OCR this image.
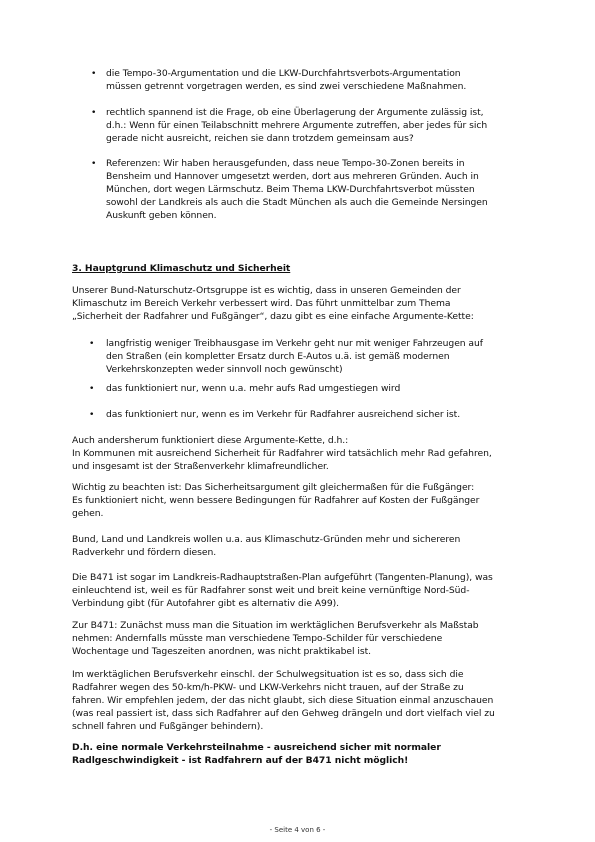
•	die Tempo-30-Argumentation und die LKW-Durchfahrtsverbots-Argumentation
müssen getrennt vorgetragen werden, es sind zwei verschiedene Maßnahmen.
•	rechtlich spannend ist die Frage, ob eine Überlagerung der Argumente zulässig ist,
d.h.: Wenn für einen Teilabschnitt mehrere Argumente zutreffen, aber jedes für sich
gerade nicht ausreicht, reichen sie dann trotzdem gemeinsam aus?
•	Referenzen: Wir haben herausgefunden, dass neue Tempo-30-Zonen bereits in
Bensheim und Hannover umgesetzt werden, dort aus mehreren Gründen. Auch in
München, dort wegen Lärmschutz. Beim Thema LKW-Durchfahrtsverbot müssten
sowohl der Landkreis als auch die Stadt München als auch die Gemeinde Nersingen
Auskunft geben können.
3. Hauptgrund Klimaschutz und Sicherheit
Unserer Bund-Naturschutz-Ortsgruppe ist es wichtig, dass in unseren Gemeinden der
Klimaschutz im Bereich Verkehr verbessert wird. Das führt unmittelbar zum Thema
„Sicherheit der Radfahrer und Fußgänger“, dazu gibt es eine einfache Argumente-Kette:
•	langfristig weniger Treibhausgase im Verkehr geht nur mit weniger Fahrzeugen auf
den Straßen (ein kompletter Ersatz durch E-Autos u.ä. ist gemäß modernen
Verkehrskonzepten weder sinnvoll noch gewünscht)
•	das funktioniert nur, wenn u.a. mehr aufs Rad umgestiegen wird
•	das funktioniert nur, wenn es im Verkehr für Radfahrer ausreichend sicher ist.
Auch andersherum funktioniert diese Argumente-Kette, d.h.:
In Kommunen mit ausreichend Sicherheit für Radfahrer wird tatsächlich mehr Rad gefahren,
und insgesamt ist der Straßenverkehr klimafreundlicher.
Wichtig zu beachten ist: Das Sicherheitsargument gilt gleichermaßen für die Fußgänger:
Es funktioniert nicht, wenn bessere Bedingungen für Radfahrer auf Kosten der Fußgänger
gehen.
Bund, Land und Landkreis wollen u.a. aus Klimaschutz-Gründen mehr und sichereren
Radverkehr und fördern diesen.
Die B471 ist sogar im Landkreis-Radhauptstraßen-Plan aufgeführt (Tangenten-Planung), was
einleuchtend ist, weil es für Radfahrer sonst weit und breit keine vernünftige Nord-Süd-
Verbindung gibt (für Autofahrer gibt es alternativ die A99).
Zur B471: Zunächst muss man die Situation im werktäglichen Berufsverkehr als Maßstab
nehmen: Andernfalls müsste man verschiedene Tempo-Schilder für verschiedene
Wochentage und Tageszeiten anordnen, was nicht praktikabel ist.
Im werktäglichen Berufsverkehr einschl. der Schulwegsituation ist es so, dass sich die
Radfahrer wegen des 50-km/h-PKW- und LKW-Verkehrs nicht trauen, auf der Straße zu
fahren. Wir empfehlen jedem, der das nicht glaubt, sich diese Situation einmal anzuschauen
(was real passiert ist, dass sich Radfahrer auf den Gehweg drängeln und dort vielfach viel zu
schnell fahren und Fußgänger behindern).
D.h. eine normale Verkehrsteilnahme - ausreichend sicher mit normaler
Radlgeschwindigkeit - ist Radfahrern auf der B471 nicht möglich!
- Seite 4 von 6 -
